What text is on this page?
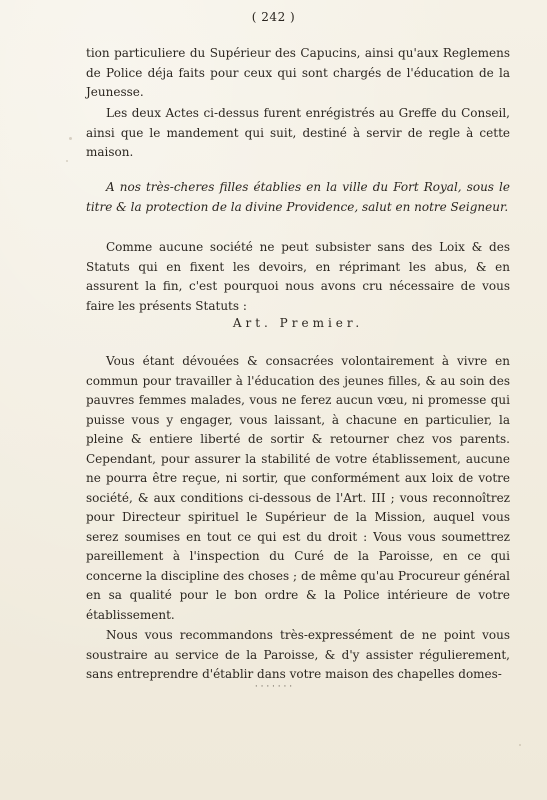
( 242 )

tion particuliere du Supérieur des Capucins, ainsi qu'aux Reglemens de Police déja faits pour ceux qui sont chargés de l'éducation de la Jeunesse.

Les deux Actes ci-dessus furent enrégistrés au Greffe du Conseil, ainsi que le mandement qui suit, destiné à servir de regle à cette maison.

A nos très-cheres filles établies en la ville du Fort Royal, sous le titre & la protection de la divine Providence, salut en notre Seigneur.

Comme aucune société ne peut subsister sans des Loix & des Statuts qui en fixent les devoirs, en réprimant les abus, & en assurent la fin, c'est pourquoi nous avons cru nécessaire de vous faire les présents Statuts :

Art. Premier.

Vous étant dévouées & consacrées volontairement à vivre en commun pour travailler à l'éducation des jeunes filles, & au soin des pauvres femmes malades, vous ne ferez aucun vœu, ni promesse qui puisse vous y engager, vous laissant, à chacune en particulier, la pleine & entiere liberté de sortir & retourner chez vos parents. Cependant, pour assurer la stabilité de votre établissement, aucune ne pourra être reçue, ni sortir, que conformément aux loix de votre société, & aux conditions ci-dessous de l'Art. III ; vous reconnoîtrez pour Directeur spirituel le Supérieur de la Mission, auquel vous serez soumises en tout ce qui est du droit : Vous vous soumettrez pareillement à l'inspection du Curé de la Paroisse, en ce qui concerne la discipline des choses ; de même qu'au Procureur général en sa qualité pour le bon ordre & la Police intérieure de votre établissement.

Nous vous recommandons très-expressément de ne point vous soustraire au service de la Paroisse, & d'y assister régulierement, sans entreprendre d'établir dans votre maison des chapelles domes-

· · · · · · ·
